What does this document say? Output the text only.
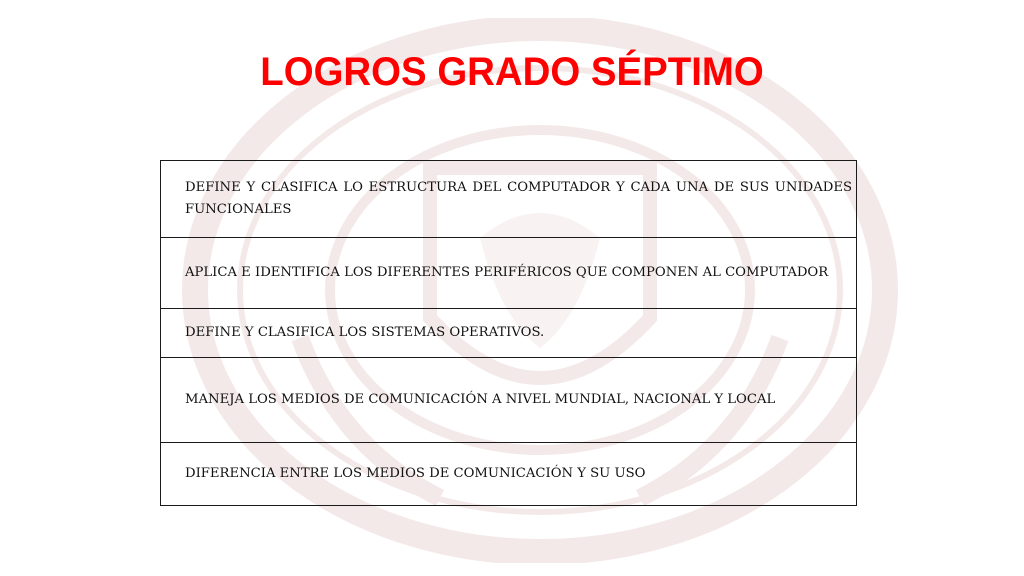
LOGROS GRADO SÉPTIMO
DEFINE Y CLASIFICA LO ESTRUCTURA DEL COMPUTADOR Y CADA UNA DE SUS UNIDADES FUNCIONALES
APLICA E IDENTIFICA LOS DIFERENTES PERIFÉRICOS QUE COMPONEN AL COMPUTADOR
DEFINE Y CLASIFICA LOS SISTEMAS OPERATIVOS.
MANEJA LOS MEDIOS DE COMUNICACIÓN A NIVEL MUNDIAL, NACIONAL Y LOCAL
DIFERENCIA ENTRE LOS MEDIOS DE COMUNICACIÓN Y SU USO
